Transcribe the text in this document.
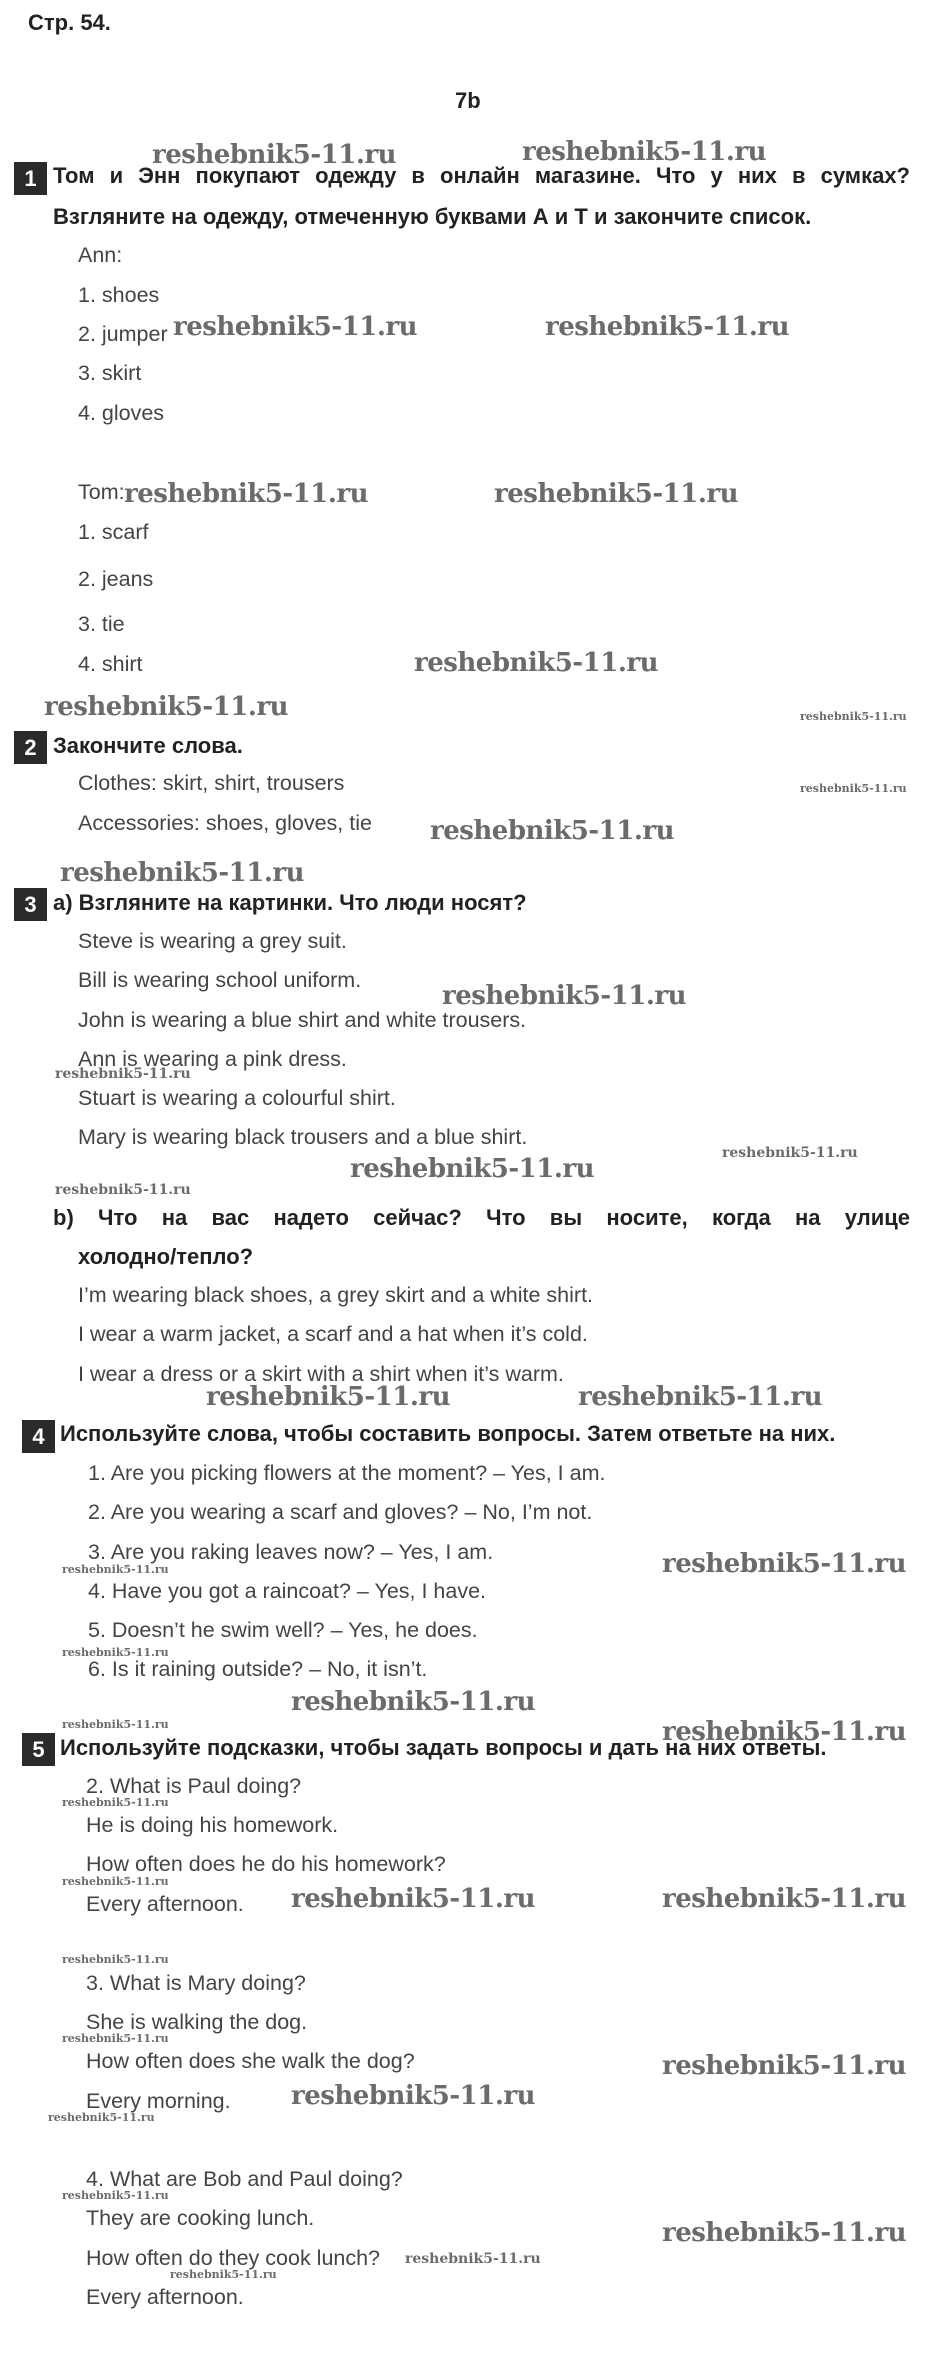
Стр. 54.
7b
1 Том и Энн покупают одежду в онлайн магазине. Что у них в сумках?
Взгляните на одежду, отмеченную буквами А и Т и закончите список.
Ann:
1. shoes
2. jumper
3. skirt
4. gloves
Tom:
1. scarf
2. jeans
3. tie
4. shirt
2 Закончите слова.
Clothes: skirt, shirt, trousers
Accessories: shoes, gloves, tie
3 a) Взгляните на картинки. Что люди носят?
Steve is wearing a grey suit.
Bill is wearing school uniform.
John is wearing a blue shirt and white trousers.
Ann is wearing a pink dress.
Stuart is wearing a colourful shirt.
Mary is wearing black trousers and a blue shirt.
b) Что на вас надето сейчас? Что вы носите, когда на улице
холодно/тепло?
I’m wearing black shoes, a grey skirt and a white shirt.
I wear a warm jacket, a scarf and a hat when it’s cold.
I wear a dress or a skirt with a shirt when it’s warm.
4 Используйте слова, чтобы составить вопросы. Затем ответьте на них.
1. Are you picking flowers at the moment? – Yes, I am.
2. Are you wearing a scarf and gloves? – No, I’m not.
3. Are you raking leaves now? – Yes, I am.
4. Have you got a raincoat? – Yes, I have.
5. Doesn’t he swim well? – Yes, he does.
6. Is it raining outside? – No, it isn’t.
5 Используйте подсказки, чтобы задать вопросы и дать на них ответы.
2. What is Paul doing?
He is doing his homework.
How often does he do his homework?
Every afternoon.
3. What is Mary doing?
She is walking the dog.
How often does she walk the dog?
Every morning.
4. What are Bob and Paul doing?
They are cooking lunch.
How often do they cook lunch?
Every afternoon.
reshebnik5-11.ru	reshebnik5-11.ru
reshebnik5-11.ru	reshebnik5-11.ru
reshebnik5-11.ru	reshebnik5-11.ru
reshebnik5-11.ru
reshebnik5-11.ru
reshebnik5-11.ru
reshebnik5-11.ru
reshebnik5-11.ru
reshebnik5-11.ru
reshebnik5-11.ru	reshebnik5-11.ru
reshebnik5-11.ru
reshebnik5-11.ru
reshebnik5-11.ru
reshebnik5-11.ru	reshebnik5-11.ru
reshebnik5-11.ru
reshebnik5-11.ru
reshebnik5-11.ru
reshebnik5-11.ru
reshebnik5-11.ru
reshebnik5-11.ru
reshebnik5-11.ru
reshebnik5-11.ru
reshebnik5-11.ru
reshebnik5-11.ru
reshebnik5-11.ru
reshebnik5-11.ru
reshebnik5-11.ru
reshebnik5-11.ru
reshebnik5-11.ru
reshebnik5-11.ru
reshebnik5-11.ru
reshebnik5-11.ru
reshebnik5-11.ru
